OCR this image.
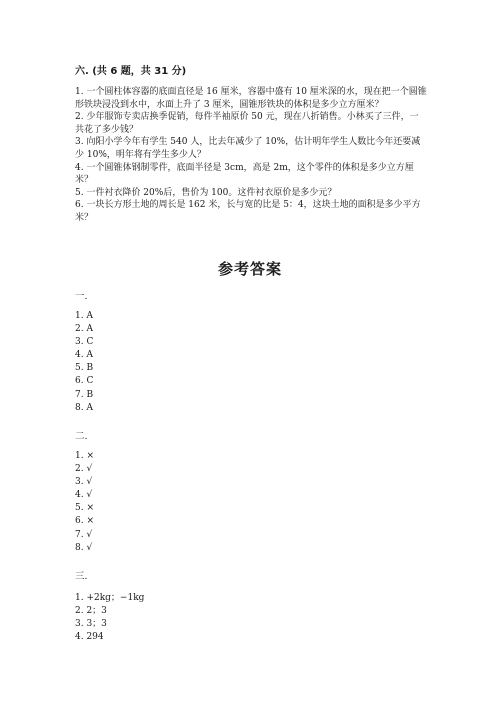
六. (共 6 题，共 31 分)

1. 一个圆柱体容器的底面直径是 16 厘米，容器中盛有 10 厘米深的水，现在把一个圆锥形铁块浸没到水中，水面上升了 3 厘米，圆锥形铁块的体积是多少立方厘米？

2. 少年服饰专卖店换季促销，每件半袖原价 50 元，现在八折销售。小林买了三件，一共花了多少钱？

3. 向阳小学今年有学生 540 人，比去年减少了 10%，估计明年学生人数比今年还要减少 10%，明年将有学生多少人？

4. 一个圆锥体钢制零件，底面半径是 3cm，高是 2m，这个零件的体积是多少立方厘米？

5. 一件衬衣降价 20%后，售价为 100。这件衬衣原价是多少元？

6. 一块长方形土地的周长是 162 米，长与宽的比是 5：4，这块土地的面积是多少平方米？

参考答案
一.
1. A
2. A
3. C
4. A
5. B
6. C
7. B
8. A
二.
1. ×
2. √
3. √
4. √
5. ×
6. ×
7. √
8. √
三.
1. +2kg；−1kg
2. 2；3
3. 3；3
4. 294
